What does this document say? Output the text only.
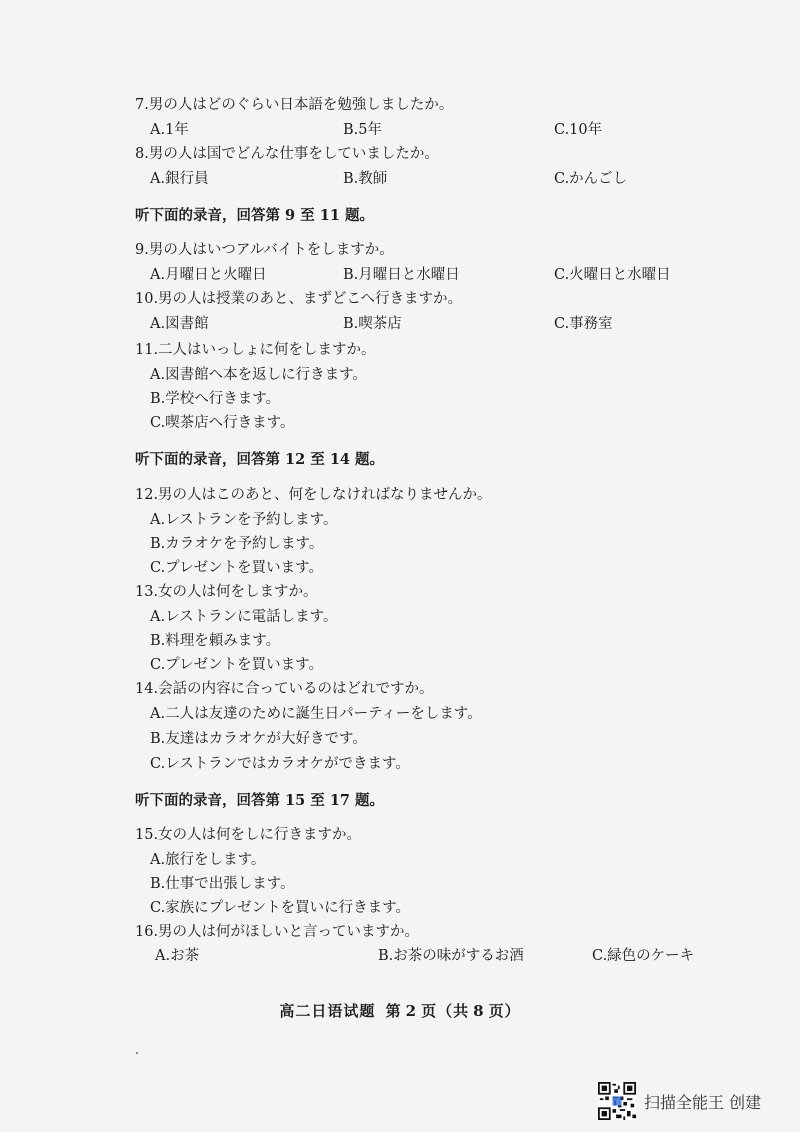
7.男の人はどのぐらい日本語を勉強しましたか。
A.1年	B.5年	C.10年
8.男の人は国でどんな仕事をしていましたか。
A.銀行員	B.教師	C.かんごし
听下面的录音，回答第 9 至 11 题。
9.男の人はいつアルバイトをしますか。
A.月曜日と火曜日	B.月曜日と水曜日	C.火曜日と水曜日
10.男の人は授業のあと、まずどこへ行きますか。
A.図書館	B.喫茶店	C.事務室
11.二人はいっしょに何をしますか。
A.図書館へ本を返しに行きます。
B.学校へ行きます。
C.喫茶店へ行きます。
听下面的录音，回答第 12 至 14 题。
12.男の人はこのあと、何をしなければなりませんか。
A.レストランを予約します。
B.カラオケを予約します。
C.プレゼントを買います。
13.女の人は何をしますか。
A.レストランに電話します。
B.料理を頼みます。
C.プレゼントを買います。
14.会話の内容に合っているのはどれですか。
A.二人は友達のために誕生日パーティーをします。
B.友達はカラオケが大好きです。
C.レストランではカラオケができます。
听下面的录音，回答第 15 至 17 题。
15.女の人は何をしに行きますか。
A.旅行をします。
B.仕事で出張します。
C.家族にプレゼントを買いに行きます。
16.男の人は何がほしいと言っていますか。
A.お茶	B.お茶の味がするお酒	C.緑色のケーキ
高二日语试题 第 2 页（共 8 页）
扫描全能王 创建
